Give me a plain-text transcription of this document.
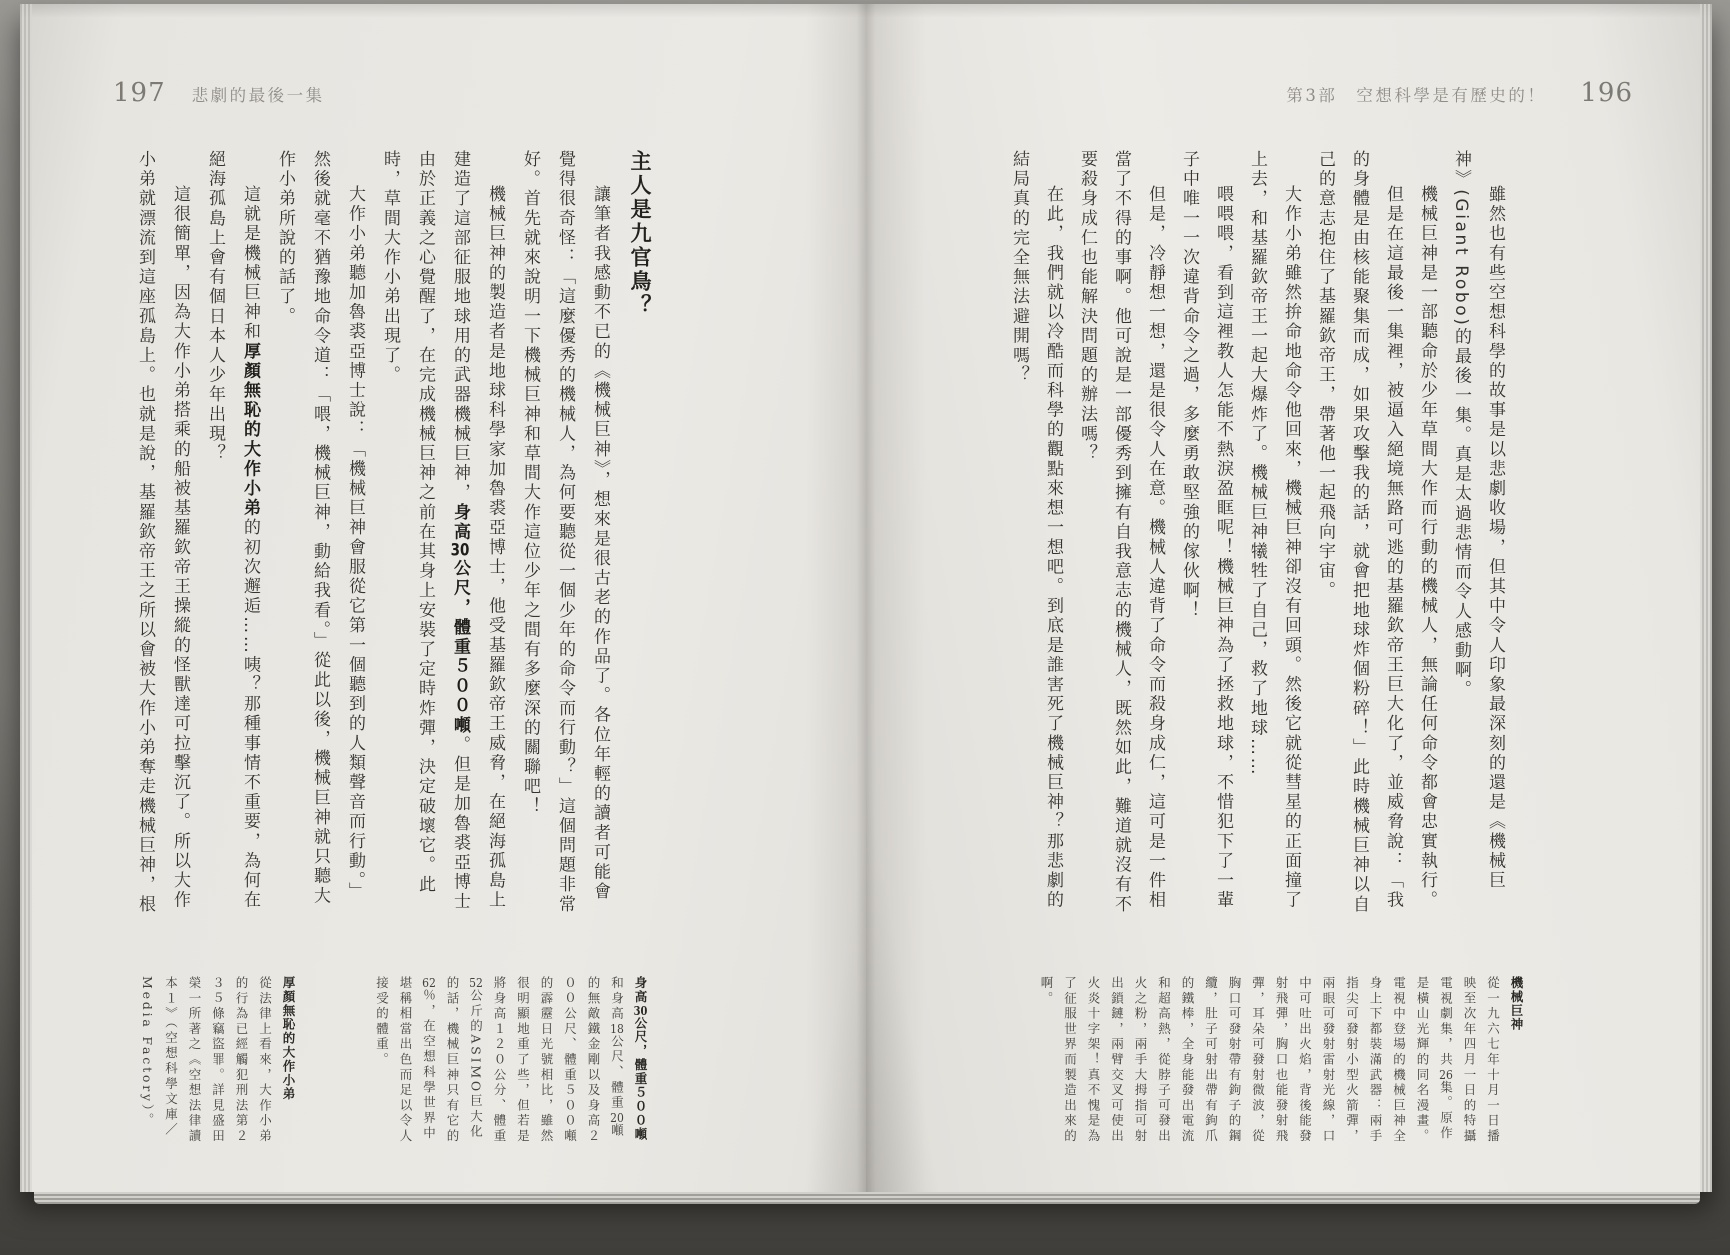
197 悲劇的最後一集
主人是九官鳥？

讓筆者我感動不已的《機械巨神》，想來是很古老的作品了。各位年輕的讀者可能會覺得很奇怪：「這麼優秀的機械人，為何要聽從一個少年的命令而行動？」這個問題非常好。首先就來說明一下機械巨神和草間大作這位少年之間有多麼深的關聯吧！

機械巨神的製造者是地球科學家加魯裘亞博士，他受基羅欽帝王威脅，在絕海孤島上建造了這部征服地球用的武器機械巨神，身高30公尺，體重５００噸。但是加魯裘亞博士由於正義之心覺醒了，在完成機械巨神之前在其身上安裝了定時炸彈，決定破壞它。此時，草間大作小弟出現了。

大作小弟聽加魯裘亞博士說：「機械巨神會服從它第一個聽到的人類聲音而行動。」然後就毫不猶豫地命令道：「喂，機械巨神，動給我看。」從此以後，機械巨神就只聽大作小弟所說的話了。

這就是機械巨神和厚顏無恥的大作小弟的初次邂逅……咦？那種事情不重要，為何在絕海孤島上會有個日本人少年出現？

這很簡單，因為大作小弟搭乘的船被基羅欽帝王操縱的怪獸達可拉擊沉了。所以大作小弟就漂流到這座孤島上。也就是說，基羅欽帝王之所以會被大作小弟奪走機械巨神，根

身高30公尺，體重５００噸
和身高18公尺、體重20噸的無敵鐵金剛以及身高２００公尺、體重５００噸的霹靂日光號相比，雖然很明顯地重了些，但若是將身高１２０公分、體重52公斤的ASIMO巨大化的話，機械巨神只有它的62％，在空想科學世界中堪稱相當出色而足以令人接受的體重。
厚顏無恥的大作小弟
從法律上看來，大作小弟的行為已經觸犯刑法第２３５條竊盜罪。詳見盛田榮一所著之《空想法律讀本１》（空想科學文庫／Media Factory）。
第3部　空想科學是有歷史的！ 196

雖然也有些空想科學的故事是以悲劇收場，但其中令人印象最深刻的還是《機械巨神》(Giant Robo)的最後一集。真是太過悲情而令人感動啊。

機械巨神是一部聽命於少年草間大作而行動的機械人，無論任何命令都會忠實執行。

但是在這最後一集裡，被逼入絕境無路可逃的基羅欽帝王巨大化了，並威脅說：「我的身體是由核能聚集而成，如果攻擊我的話，就會把地球炸個粉碎！」此時機械巨神以自己的意志抱住了基羅欽帝王，帶著他一起飛向宇宙。

大作小弟雖然拚命地命令他回來，機械巨神卻沒有回頭。然後它就從彗星的正面撞了上去，和基羅欽帝王一起大爆炸了。機械巨神犧牲了自己，救了地球……

喂喂喂，看到這裡教人怎能不熱淚盈眶呢！機械巨神為了拯救地球，不惜犯下了一輩子中唯一一次違背命令之過，多麼勇敢堅強的傢伙啊！

但是，冷靜想一想，還是很令人在意。機械人違背了命令而殺身成仁，這可是一件相當了不得的事啊。他可說是一部優秀到擁有自我意志的機械人，既然如此，難道就沒有不要殺身成仁也能解決問題的辦法嗎？

在此，我們就以冷酷而科學的觀點來想一想吧。到底是誰害死了機械巨神？那悲劇的結局真的完全無法避開嗎？

機械巨神
從一九六七年十月一日播映至次年四月一日的特攝電視劇集，共26集。原作是橫山光輝的同名漫畫。電視中登場的機械巨神全身上下都裝滿武器：兩手指尖可發射小型火箭彈，兩眼可發射雷射光線，口中可吐出火焰，背後能發射飛彈，胸口也能發射飛彈，耳朵可發射微波，從胸口可發射帶有鉤子的鋼纜，肚子可射出帶有鉤爪的鐵棒，全身能發出電流和超高熱，從脖子可發出火之粉，兩手大拇指可射出鎖鏈，兩臂交叉可使出火炎十字架！真不愧是為了征服世界而製造出來的啊。
